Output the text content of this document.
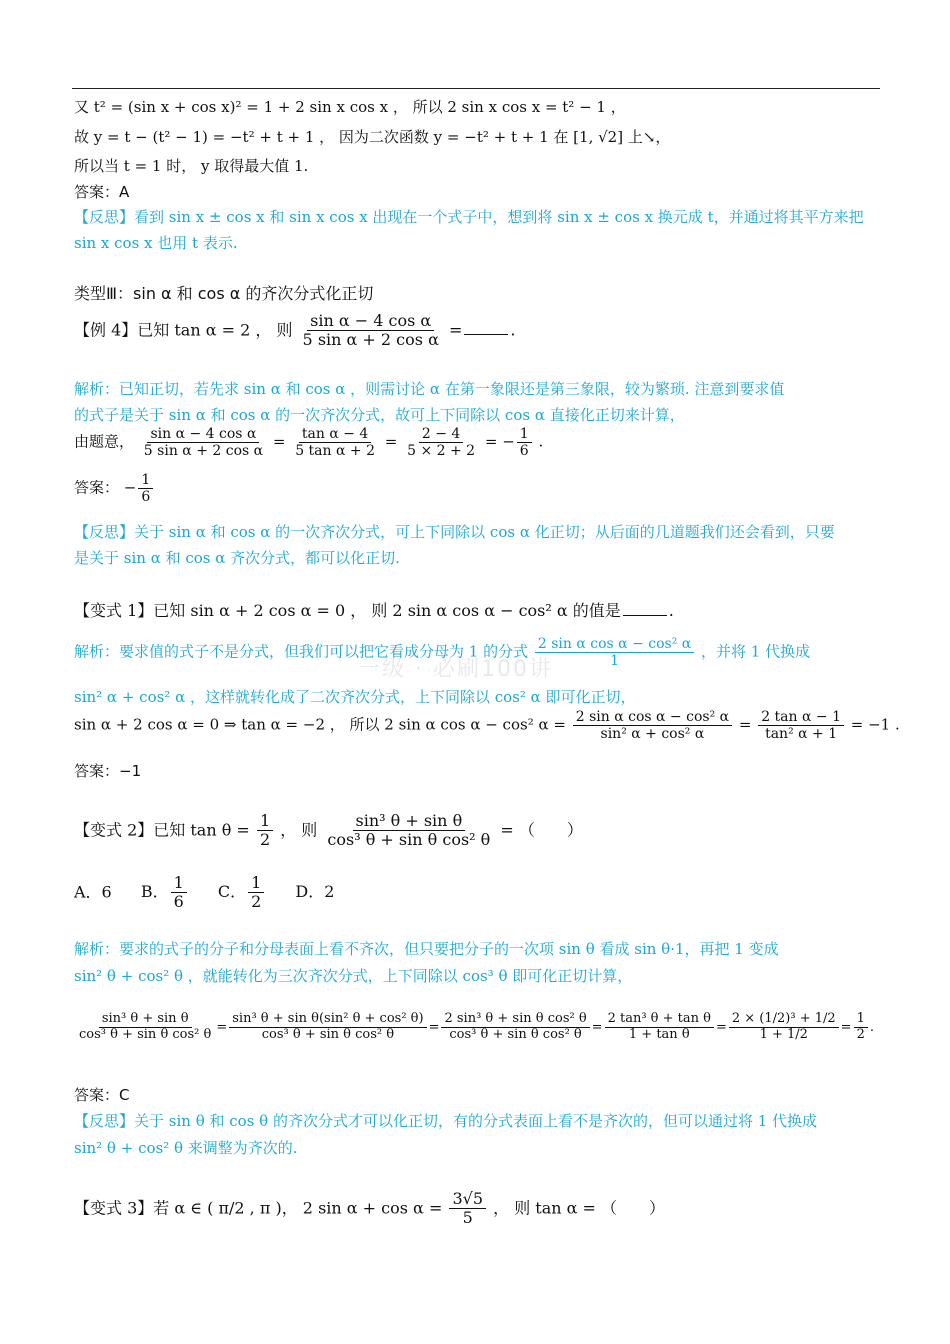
又 t² = (sin x + cos x)² = 1 + 2 sin x cos x ， 所以 2 sin x cos x = t² − 1 ，
故 y = t − (t² − 1) = −t² + t + 1 ， 因为二次函数 y = −t² + t + 1 在 [1, √2] 上↘，
所以当 t = 1 时， y 取得最大值 1.
答案：A
【反思】看到 sin x ± cos x 和 sin x cos x 出现在一个式子中，想到将 sin x ± cos x 换元成 t，并通过将其平方来把
sin x cos x 也用 t 表示.
类型Ⅲ：sin α 和 cos α 的齐次分式化正切
【例 4】已知 tan α = 2 ， 则 $\frac{\text{sin α − 4 cos α}}{\text{5 sin α + 2 cos α}}$ =	.
解析：已知正切，若先求 sin α 和 cos α ，则需讨论 α 在第一象限还是第三象限，较为繁琐. 注意到要求值
的式子是关于 sin α 和 cos α 的一次齐次分式，故可上下同除以 cos α 直接化正切来计算，
由题意， $\frac{\text{sin α − 4 cos α}}{\text{5 sin α + 2 cos α}} = \frac{\text{tan α − 4}}{\text{5 tan α + 2}} = \frac{2 - 4}{5 \times 2 + 2}$ = − $\frac{1}{6}$ .
答案： − $\frac{1}{6}$
【反思】关于 sin α 和 cos α 的一次齐次分式，可上下同除以 cos α 化正切；从后面的几道题我们还会看到，只要
是关于 sin α 和 cos α 齐次分式，都可以化正切.
【变式 1】已知 sin α + 2 cos α = 0 ， 则 2 sin α cos α − cos² α 的值是	.
解析：要求值的式子不是分式，但我们可以把它看成分母为 1 的分式 $\frac{\text{2 sin α cos α − cos² α}}{1}$ ，并将 1 代换成
sin² α + cos² α ，这样就转化成了二次齐次分式，上下同除以 cos² α 即可化正切，
sin α + 2 cos α = 0 ⇒ tan α = −2 ， 所以 2 sin α cos α − cos² $\alpha = \frac{\text{2 sin α cos α − cos² α}}{\text{sin² α + cos² α}} = \frac{\text{2 tan α − 1}}{\text{tan² α + 1}} = -1$ .
答案：−1
【变式 2】已知 $\tan \theta = \frac{1}{2}$ ， 则 $\frac{\text{sin³ θ + sin θ}}{\text{cos³ θ + sin θ cos² θ}}$ = （　　）
A．6 B． $\frac{1}{6}$ C． $\frac{1}{2}$ D．2
解析：要求的式子的分子和分母表面上看不齐次，但只要把分子的一次项 sin θ 看成 sin θ·1，再把 1 变成
sin² θ + cos² θ ，就能转化为三次齐次分式，上下同除以 cos³ θ 即可化正切计算，
$\frac{\text{sin³ θ + sin θ}}{\text{cos³ θ + sin θ cos² θ}} = \frac{\text{sin³ θ + sin θ(sin² θ + cos² θ)}}{\text{cos³ θ + sin θ cos² θ}} = \frac{\text{2 sin³ θ + sin θ cos² θ}}{\text{cos³ θ + sin θ cos² θ}} = \frac{\text{2 tan³ θ + tan θ}}{\text{1 + tan θ}} = \frac{\text{2 × (1/2)³ + 1/2}}{1 + 1/2} = \frac{1}{2}$ .
答案：C
【反思】关于 sin θ 和 cos θ 的齐次分式才可以化正切，有的分式表面上看不是齐次的，但可以通过将 1 代换成
sin² θ + cos² θ 来调整为齐次的.
【变式 3】若 α ∈ ( π/2 , π )， 2 $\sin \alpha + \cos \alpha = \frac{3√5}{5}$ ， 则 tan α = （　　）
一级 · 必刷100讲
